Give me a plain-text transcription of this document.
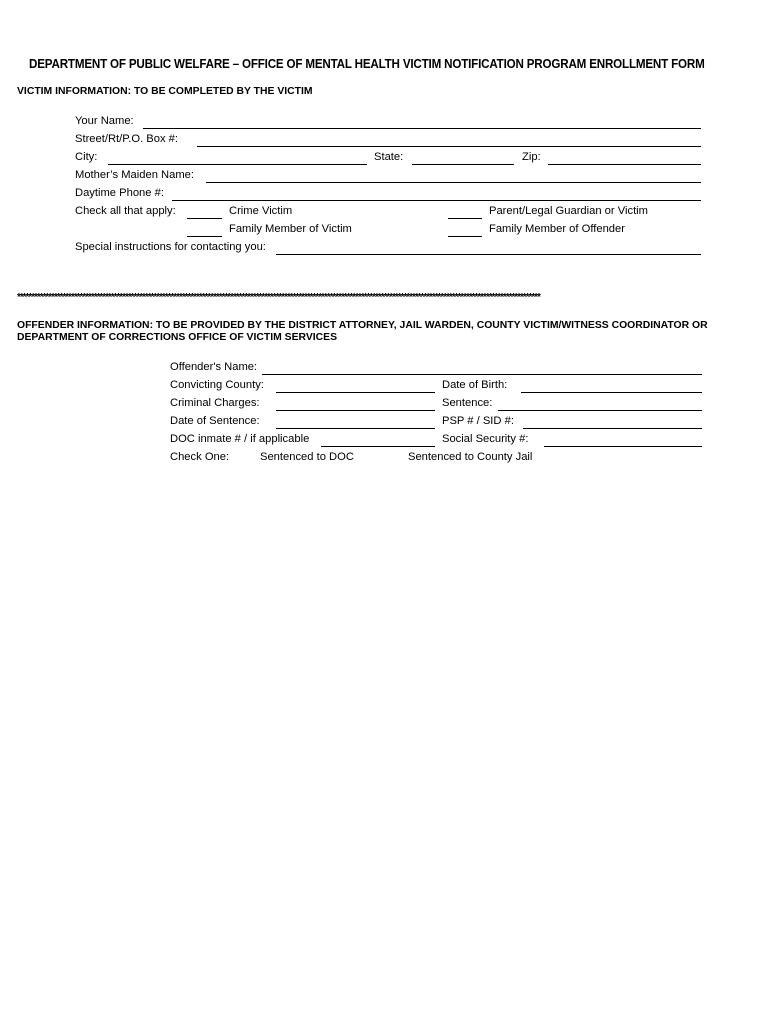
DEPARTMENT OF PUBLIC WELFARE – OFFICE OF MENTAL HEALTH VICTIM NOTIFICATION PROGRAM ENROLLMENT FORM
VICTIM INFORMATION: TO BE COMPLETED BY THE VICTIM
Your Name:
Street/Rt/P.O. Box #:
City:	State:	Zip:
Mother’s Maiden Name:
Daytime Phone #:
Check all that apply:	Crime Victim	Parent/Legal Guardian or Victim
Family Member of Victim	Family Member of Offender
Special instructions for contacting you:
****************************************************************************************************************************************************************************************
OFFENDER INFORMATION: TO BE PROVIDED BY THE DISTRICT ATTORNEY, JAIL WARDEN, COUNTY VICTIM/WITNESS COORDINATOR OR
DEPARTMENT OF CORRECTIONS OFFICE OF VICTIM SERVICES
Offender's Name:
Convicting County:	Date of Birth:
Criminal Charges:	Sentence:
Date of Sentence:	PSP # / SID #:
DOC inmate # / if applicable	Social Security #:
Check One:	Sentenced to DOC	Sentenced to County Jail
